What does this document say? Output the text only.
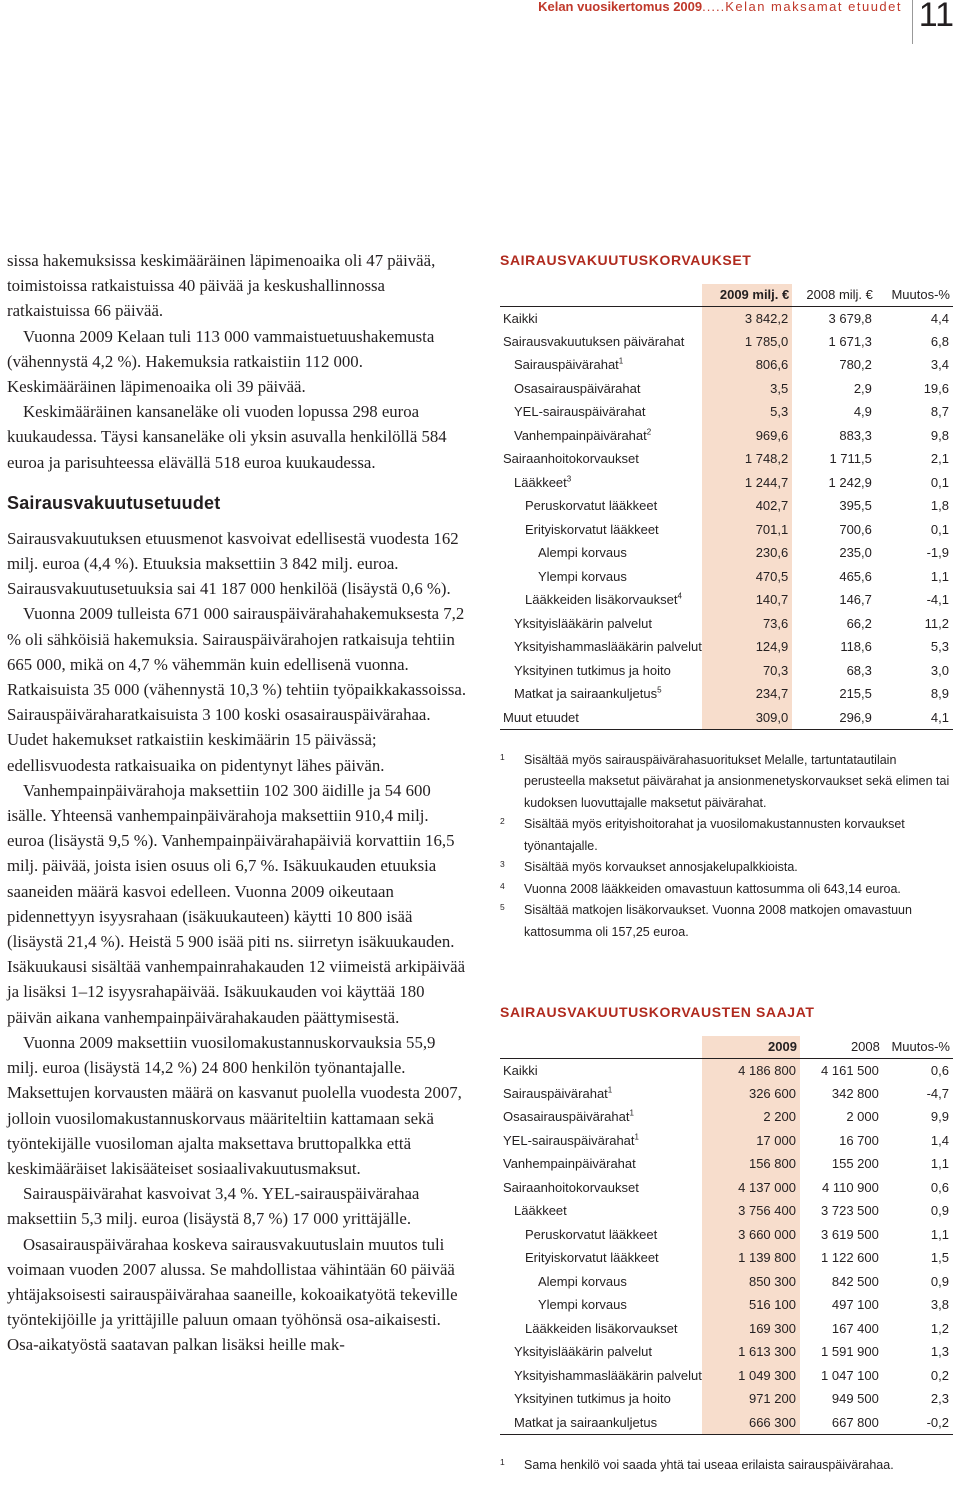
Kelan vuosikertomus 2009.....Kelan maksamat etuudet 11

sissa hakemuksissa keskimääräinen läpimenoaika oli 47 päivää, toimistoissa ratkaistuissa 40 päivää ja keskushallinnossa ratkaistuissa 66 päivää.

Vuonna 2009 Kelaan tuli 113 000 vammaistuetuushakemusta (vähennystä 4,2 %). Hakemuksia ratkaistiin 112 000. Keskimääräinen läpimenoaika oli 39 päivää.

Keskimääräinen kansaneläke oli vuoden lopussa 298 euroa kuukaudessa. Täysi kansaneläke oli yksin asuvalla henkilöllä 584 euroa ja parisuhteessa elävällä 518 euroa kuukaudessa.

Sairausvakuutusetuudet

Sairausvakuutuksen etuusmenot kasvoivat edellisestä vuodesta 162 milj. euroa (4,4 %). Etuuksia maksettiin 3 842 milj. euroa. Sairausvakuutusetuuksia sai 41 187 000 henkilöä (lisäystä 0,6 %).

Vuonna 2009 tulleista 671 000 sairauspäivärahahakemuksesta 7,2 % oli sähköisiä hakemuksia. Sairauspäivärahojen ratkaisuja tehtiin 665 000, mikä on 4,7 % vähemmän kuin edellisenä vuonna. Ratkaisuista 35 000 (vähennystä 10,3 %) tehtiin työpaikkakassoissa. Sairauspäivärahаratkaisuista 3 100 koski osasairauspäivärahaa. Uudet hakemukset ratkaistiin keskimäärin 15 päivässä; edellisvuodesta ratkaisuaika on pidentynyt lähes päivän.

Vanhempainpäivärahoja maksettiin 102 300 äidille ja 54 600 isälle. Yhteensä vanhempainpäivärahoja maksettiin 910,4 milj. euroa (lisäystä 9,5 %). Vanhempainpäivärahapäiviä korvattiin 16,5 milj. päivää, joista isien osuus oli 6,7 %. Isäkuukauden etuuksia saaneiden määrä kasvoi edelleen. Vuonna 2009 oikeutaan pidennettyyn isyysrahaan (isäkuukauteen) käytti 10 800 isää (lisäystä 21,4 %). Heistä 5 900 isää piti ns. siirretyn isäkuukauden. Isäkuukausi sisältää vanhempainrahakauden 12 viimeistä arkipäivää ja lisäksi 1–12 isyysrahapäivää. Isäkuukauden voi käyttää 180 päivän aikana vanhempainpäivärahakauden päättymisestä.

Vuonna 2009 maksettiin vuosilomakustannuskorvauksia 55,9 milj. euroa (lisäystä 14,2 %) 24 800 henkilön työnantajalle. Maksettujen korvausten määrä on kasvanut puolella vuodesta 2007, jolloin vuosilomakustannuskorvaus määriteltiin kattamaan sekä työntekijälle vuosiloman ajalta maksettava bruttopalkka että keskimääräiset lakisääteiset sosiaalivakuutusmaksut.

Sairauspäivärahat kasvoivat 3,4 %. YEL-sairauspäivärahaa maksettiin 5,3 milj. euroa (lisäystä 8,7 %) 17 000 yrittäjälle.

Osasairauspäivärahaa koskeva sairausvakuutuslain muutos tuli voimaan vuoden 2007 alussa. Se mahdollistaa vähintään 60 päivää yhtäjaksoisesti sairauspäivärahaa saaneille, kokoaikatyötä tekeville työntekijöille ja yrittäjille paluun omaan työhönsä osa-aikaisesti. Osa-aikatyöstä saatavan palkan lisäksi heille mak-

SAIRAUSVAKUUTUSKORVAUKSET
	2009 milj. €	2008 milj. €	Muutos-%
Kaikki	3 842,2	3 679,8	4,4
Sairausvakuutuksen päivärahat	1 785,0	1 671,3	6,8
Sairauspäivärahat$^1$	806,6	780,2	3,4
Osasairauspäivärahat	3,5	2,9	19,6
YEL-sairauspäivärahat	5,3	4,9	8,7
Vanhempainpäivärahat$^2$	969,6	883,3	9,8
Sairaanhoitokorvaukset	1 748,2	1 711,5	2,1
Lääkkeet$^3$	1 244,7	1 242,9	0,1
Peruskorvatut lääkkeet	402,7	395,5	1,8
Erityiskorvatut lääkkeet	701,1	700,6	0,1
Alempi korvaus	230,6	235,0	-1,9
Ylempi korvaus	470,5	465,6	1,1
Lääkkeiden lisäkorvaukset$^4$	140,7	146,7	-4,1
Yksityislääkärin palvelut	73,6	66,2	11,2
Yksityishammaslääkärin palvelut	124,9	118,6	5,3
Yksityinen tutkimus ja hoito	70,3	68,3	3,0
Matkat ja sairaankuljetus$^5$	234,7	215,5	8,9
Muut etuudet	309,0	296,9	4,1
1 Sisältää myös sairauspäivärahasuoritukset Melalle, tartuntatautilain perusteella maksetut päivärahat ja ansionmenetyskorvaukset sekä elimen tai kudoksen luovuttajalle maksetut päivärahat.
2 Sisältää myös erityishoitorahat ja vuosilomakustannusten korvaukset työnantajalle.
3 Sisältää myös korvaukset annosjakelupalkkioista.
4 Vuonna 2008 lääkkeiden omavastuun kattosumma oli 643,14 euroa.
5 Sisältää matkojen lisäkorvaukset. Vuonna 2008 matkojen omavastuun kattosumma oli 157,25 euroa.
SAIRAUSVAKUUTUSKORVAUSTEN SAAJAT
	2009	2008	Muutos-%
Kaikki	4 186 800	4 161 500	0,6
Sairauspäivärahat$^1$	326 600	342 800	-4,7
Osasairauspäivärahat$^1$	2 200	2 000	9,9
YEL-sairauspäivärahat$^1$	17 000	16 700	1,4
Vanhempainpäivärahat	156 800	155 200	1,1
Sairaanhoitokorvaukset	4 137 000	4 110 900	0,6
Lääkkeet	3 756 400	3 723 500	0,9
Peruskorvatut lääkkeet	3 660 000	3 619 500	1,1
Erityiskorvatut lääkkeet	1 139 800	1 122 600	1,5
Alempi korvaus	850 300	842 500	0,9
Ylempi korvaus	516 100	497 100	3,8
Lääkkeiden lisäkorvaukset	169 300	167 400	1,2
Yksityislääkärin palvelut	1 613 300	1 591 900	1,3
Yksityishammaslääkärin palvelut	1 049 300	1 047 100	0,2
Yksityinen tutkimus ja hoito	971 200	949 500	2,3
Matkat ja sairaankuljetus	666 300	667 800	-0,2
1 Sama henkilö voi saada yhtä tai useaa erilaista sairauspäivärahaa.
